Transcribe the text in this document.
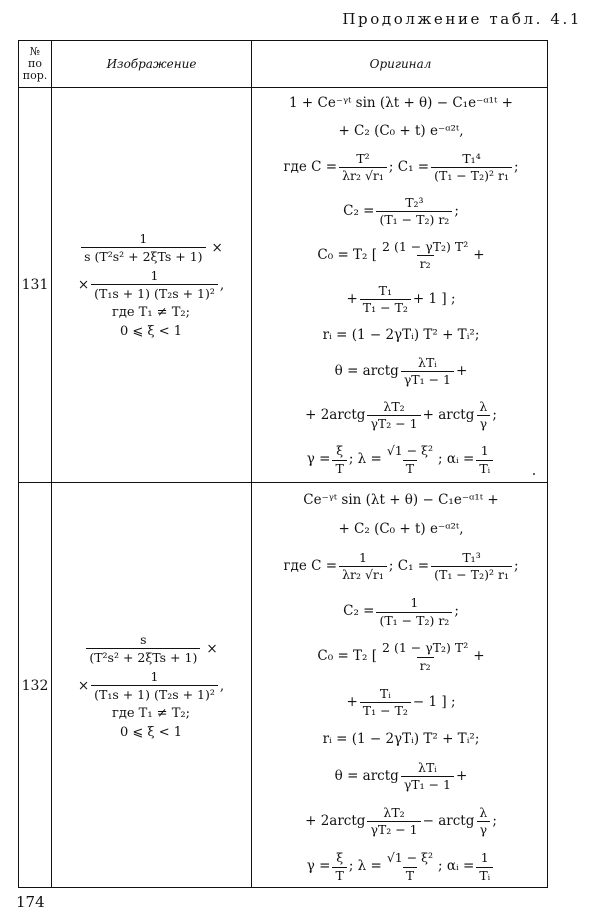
Продолжение табл. 4.1
№
по
пор.
Изображение	Оригинал
131
$\frac{1}{\text{s (T²s² + 2ξTs + 1)}}$ ×
× $\frac{1}{\text{(T₁s + 1) (T₂s + 1)²}}$ ,
где T₁ ≠ T₂;
0 ⩽ ξ < 1
1 + Ce⁻ᵞᵗ sin (λt + θ) − C₁e⁻ᵅ¹ᵗ +
+ C₂ (C₀ + t) e⁻ᵅ²ᵗ,
где $C = \frac{\text{T²}}{\text{λr₂ √r₁}}$ ; $C_1 = \frac{\text{T₁⁴}}{\text{(T₁ − T₂)² r₁}}$ ;
$C_2 = \frac{\text{T₂³}}{\text{(T₁ − T₂) r₂}}$ ;
C₀ = T₂ [ $\frac{\text{2 (1 − γT₂) T²}}{\text{r₂}}$ +
+ $\frac{\text{T₁}}{\text{T₁ − T₂}} + 1$ ] ;
rᵢ = (1 − 2γTᵢ) T² + Tᵢ²;
θ = arctg $\frac{\text{λTᵢ}}{\text{γT₁ − 1}}$ +
+ 2arctg $\frac{\text{λT₂}}{\text{γT₂ − 1}}$ + arctg $\frac{\lambda}{\gamma}$ ;
$\gamma = \frac{\xi}{T}$ ; $\lambda = \frac{\text{√1 − ξ²}}{T}$ ; αᵢ = $\frac{1}{\text{Tᵢ}}$
132
$\frac{s}{\text{(T²s² + 2ξTs + 1)}}$ ×
× $\frac{1}{\text{(T₁s + 1) (T₂s + 1)²}}$ ,
где T₁ ≠ T₂;
0 ⩽ ξ < 1
Ce⁻ᵞᵗ sin (λt + θ) − C₁e⁻ᵅ¹ᵗ +
+ C₂ (C₀ + t) e⁻ᵅ²ᵗ,
где $C = \frac{1}{\text{λr₂ √r₁}}$ ; $C_1 = \frac{\text{T₁³}}{\text{(T₁ − T₂)² r₁}}$ ;
$C_2 = \frac{1}{\text{(T₁ − T₂) r₂}}$ ;
C₀ = T₂ [ $\frac{\text{2 (1 − γT₂) T²}}{\text{r₂}}$ +
+ $\frac{\text{Tᵢ}}{\text{T₁ − T₂}} - 1$ ] ;
rᵢ = (1 − 2γTᵢ) T² + Tᵢ²;
θ = arctg $\frac{\text{λTᵢ}}{\text{γT₁ − 1}}$ +
+ 2arctg $\frac{\text{λT₂}}{\text{γT₂ − 1}}$ − arctg $\frac{\lambda}{\gamma}$ ;
$\gamma = \frac{\xi}{T}$ ; $\lambda = \frac{\text{√1 − ξ²}}{T}$ ; αᵢ = $\frac{1}{\text{Tᵢ}}$
174
